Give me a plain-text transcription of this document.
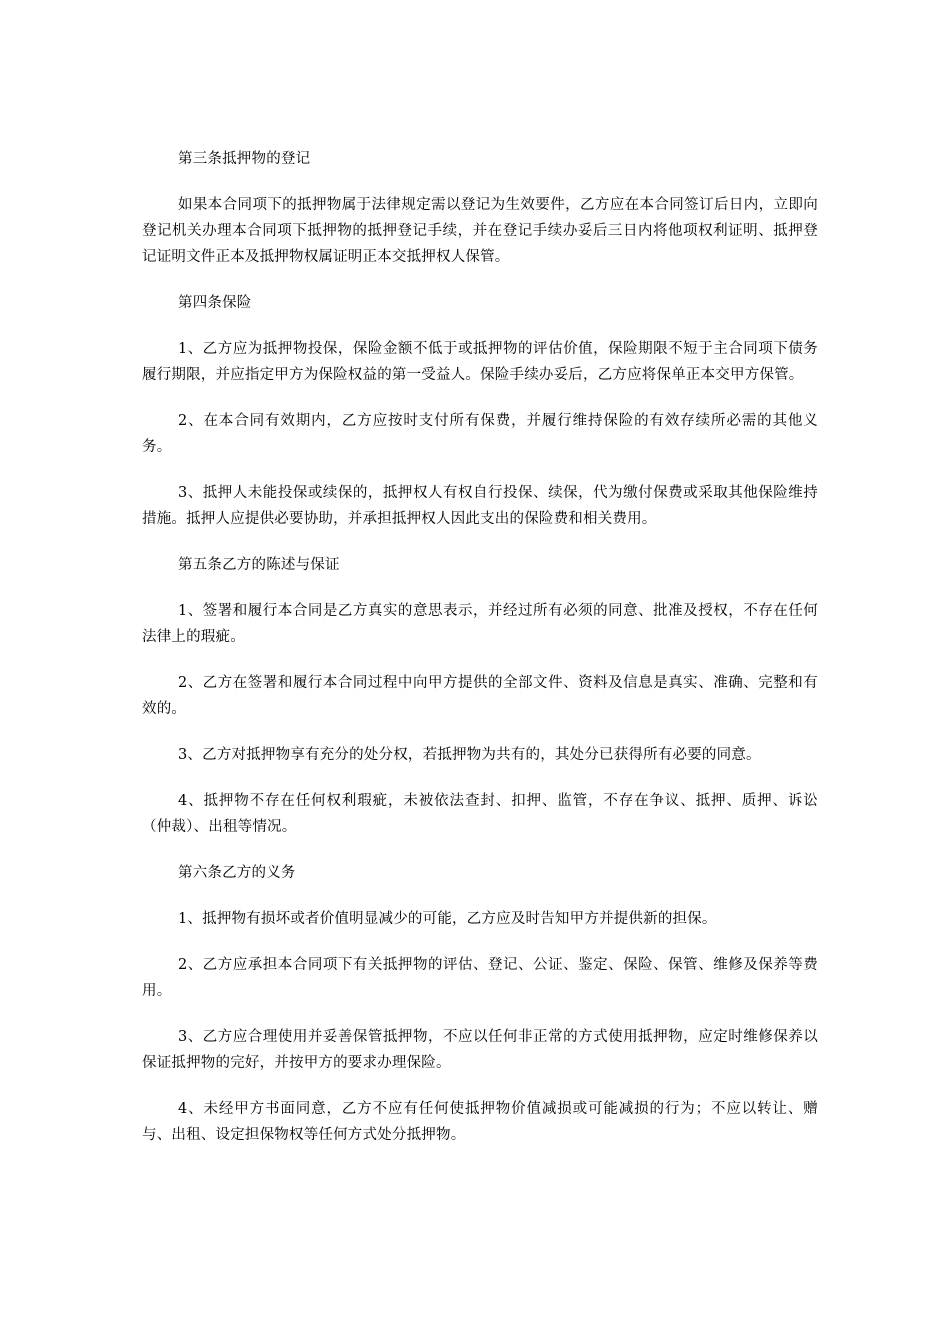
第三条抵押物的登记

如果本合同项下的抵押物属于法律规定需以登记为生效要件，乙方应在本合同签订后日内，立即向登记机关办理本合同项下抵押物的抵押登记手续，并在登记手续办妥后三日内将他项权利证明、抵押登记证明文件正本及抵押物权属证明正本交抵押权人保管。

第四条保险

1、乙方应为抵押物投保，保险金额不低于或抵押物的评估价值，保险期限不短于主合同项下债务履行期限，并应指定甲方为保险权益的第一受益人。保险手续办妥后，乙方应将保单正本交甲方保管。

2、在本合同有效期内，乙方应按时支付所有保费，并履行维持保险的有效存续所必需的其他义务。

3、抵押人未能投保或续保的，抵押权人有权自行投保、续保，代为缴付保费或采取其他保险维持措施。抵押人应提供必要协助，并承担抵押权人因此支出的保险费和相关费用。

第五条乙方的陈述与保证

1、签署和履行本合同是乙方真实的意思表示，并经过所有必须的同意、批准及授权，不存在任何法律上的瑕疵。

2、乙方在签署和履行本合同过程中向甲方提供的全部文件、资料及信息是真实、准确、完整和有效的。

3、乙方对抵押物享有充分的处分权，若抵押物为共有的，其处分已获得所有必要的同意。

4、抵押物不存在任何权利瑕疵，未被依法查封、扣押、监管，不存在争议、抵押、质押、诉讼（仲裁）、出租等情况。

第六条乙方的义务

1、抵押物有损坏或者价值明显减少的可能，乙方应及时告知甲方并提供新的担保。

2、乙方应承担本合同项下有关抵押物的评估、登记、公证、鉴定、保险、保管、维修及保养等费用。

3、乙方应合理使用并妥善保管抵押物，不应以任何非正常的方式使用抵押物，应定时维修保养以保证抵押物的完好，并按甲方的要求办理保险。

4、未经甲方书面同意，乙方不应有任何使抵押物价值减损或可能减损的行为；不应以转让、赠与、出租、设定担保物权等任何方式处分抵押物。
